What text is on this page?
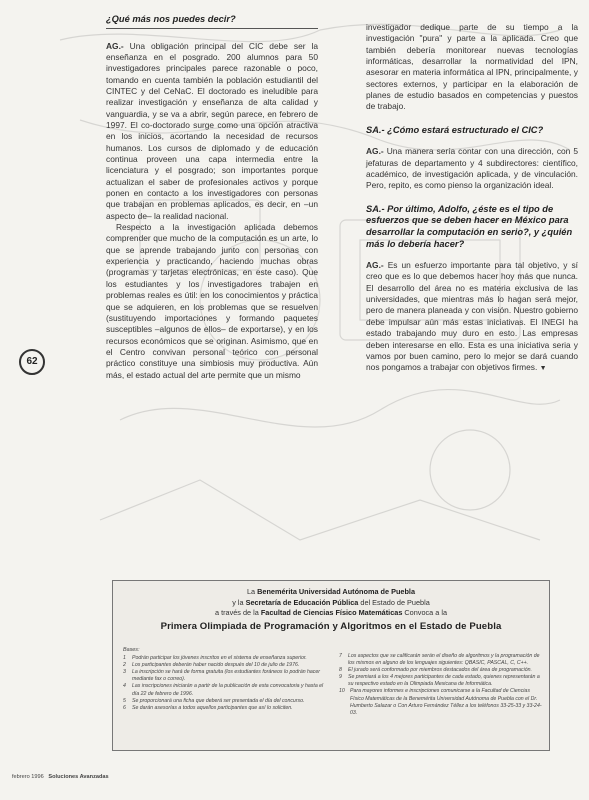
¿Qué más nos puedes decir?

AG.- Una obligación principal del CIC debe ser la enseñanza en el posgrado. 200 alumnos para 50 investigadores principales parece razonable o poco, tomando en cuenta también la población estudiantil del CINTEC y del CeNaC. El doctorado es ineludible para realizar investigación y enseñanza de alta calidad y vanguardia, y se va a abrir, según parece, en febrero de 1997. El co-doctorado surge como una opción atractiva en los inicios, acortando la necesidad de recursos humanos. Los cursos de diplomado y de educación continua proveen una capa intermedia entre la licenciatura y el posgrado; son importantes porque actualizan el saber de profesionales activos y porque ponen en contacto a los investigadores con personas que trabajan en problemas aplicados, es decir, en –un aspecto de– la realidad nacional.

Respecto a la investigación aplicada debemos comprender que mucho de la computación es un arte, lo que se aprende trabajando junto con personas con experiencia y practicando, haciendo muchas obras (programas y tarjetas electrónicas, en este caso). Que los estudiantes y los investigadores trabajen en problemas reales es útil: en los conocimientos y práctica que se adquieren, en los problemas que se resuelven (sustituyendo importaciones y formando paquetes susceptibles –algunos de ellos– de exportarse), y en los recursos económicos que se originan. Asimismo, que en el Centro convivan personal teórico con personal práctico constituye una simbiosis muy productiva. Aún más, el estado actual del arte permite que un mismo

investigador dedique parte de su tiempo a la investigación "pura" y parte a la aplicada. Creo que también debería monitorear nuevas tecnologías informáticas, desarrollar la normatividad del IPN, asesorar en materia informática al IPN, principalmente, y sectores externos, y participar en la elaboración de planes de estudio basados en competencias y puestos de trabajo.

SA.- ¿Cómo estará estructurado el CIC?

AG.- Una manera sería contar con una dirección, con 5 jefaturas de departamento y 4 subdirectores: científico, académico, de investigación aplicada, y de vinculación. Pero, repito, es como pienso la organización ideal.

SA.- Por último, Adolfo, ¿éste es el tipo de esfuerzos que se deben hacer en México para desarrollar la computación en serio?, y ¿quién más lo debería hacer?

AG.- Es un esfuerzo importante para tal objetivo, y sí creo que es lo que debemos hacer hoy más que nunca. El desarrollo del área no es materia exclusiva de las universidades, que mientras más lo hagan será mejor, pero de manera planeada y con visión. Nuestro gobierno debe impulsar aún más estas iniciativas. El INEGI ha estado trabajando muy duro en esto. Las empresas deben interesarse en ello. Esta es una iniciativa seria y vamos por buen camino, pero lo mejor se dará cuando nos pongamos a trabajar con objetivos firmes. ▼

62
La Benemérita Universidad Autónoma de Puebla
y la Secretaría de Educación Pública del Estado de Puebla
a través de la Facultad de Ciencias Físico Matemáticas Convoca a la
Primera Olimpiada de Programación y Algoritmos en el Estado de Puebla
Bases:
1	Podrán participar los jóvenes inscritos en el sistema de enseñanza superior.
2	Los participantes deberán haber nacido después del 10 de julio de 1976.
3	La inscripción se hará de forma gratuita (los estudiantes foráneos lo podrán hacer mediante fax o correo).
4	Las inscripciones iniciarán a partir de la publicación de esta convocatoria y hasta el día 22 de febrero de 1996.
5	Se proporcionará una ficha que deberá ser presentada el día del concurso.
6	Se darán asesorías a todos aquellos participantes que así lo soliciten.
7	Los aspectos que se calificarán serán el diseño de algoritmos y la programación de los mismos en alguno de los lenguajes siguientes: QBASIC, PASCAL, C, C++.
8	El jurado será conformado por miembros destacados del área de programación.
9	Se premiará a los 4 mejores participantes de cada estado, quienes representarán a su respectivo estado en la Olimpiada Mexicana de Informática.
10	Para mayores informes e inscripciones comunicarse a la Facultad de Ciencias Físico Matemáticas de la Benemérita Universidad Autónoma de Puebla con el Dr. Humberto Salazar o Con Arturo Fernández Téllez a los teléfonos 33-25-33 y 33-24-03.
febrero 1996 Soluciones Avanzadas
